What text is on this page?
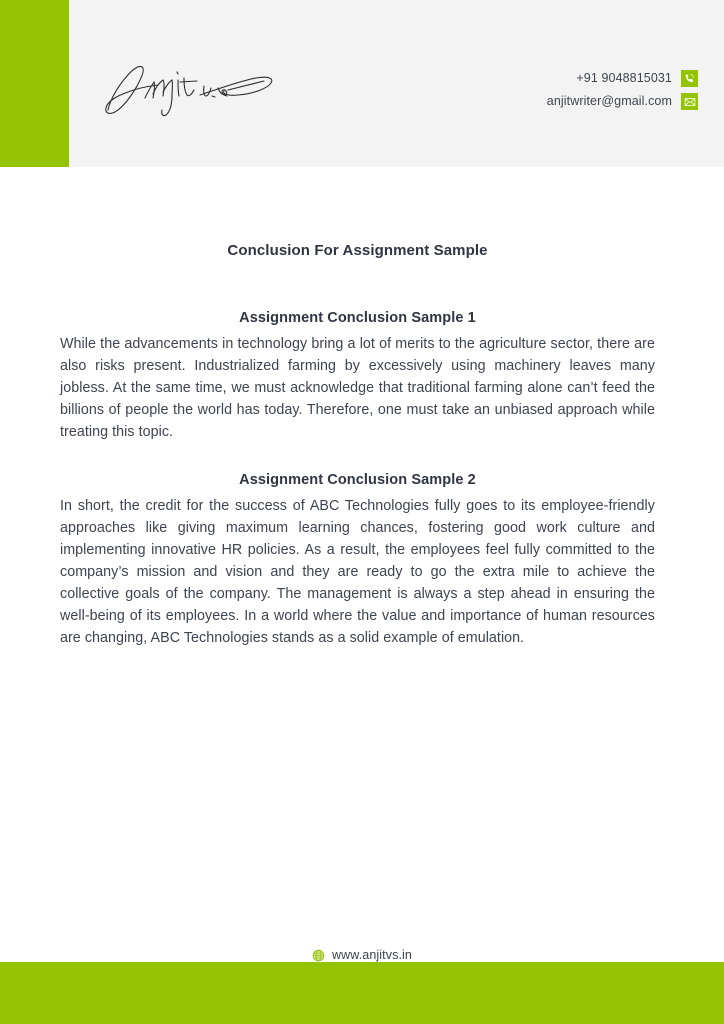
+91 9048815031
anjitwriter@gmail.com
Conclusion For Assignment Sample
Assignment Conclusion Sample 1

While the advancements in technology bring a lot of merits to the agriculture sector, there are also risks present. Industrialized farming by excessively using machinery leaves many jobless. At the same time, we must acknowledge that traditional farming alone can’t feed the billions of people the world has today. Therefore, one must take an unbiased approach while treating this topic.

Assignment Conclusion Sample 2

In short, the credit for the success of ABC Technologies fully goes to its employee-friendly approaches like giving maximum learning chances, fostering good work culture and implementing innovative HR policies. As a result, the employees feel fully committed to the company’s mission and vision and they are ready to go the extra mile to achieve the collective goals of the company. The management is always a step ahead in ensuring the well-being of its employees. In a world where the value and importance of human resources are changing, ABC Technologies stands as a solid example of emulation.

www.anjitvs.in
